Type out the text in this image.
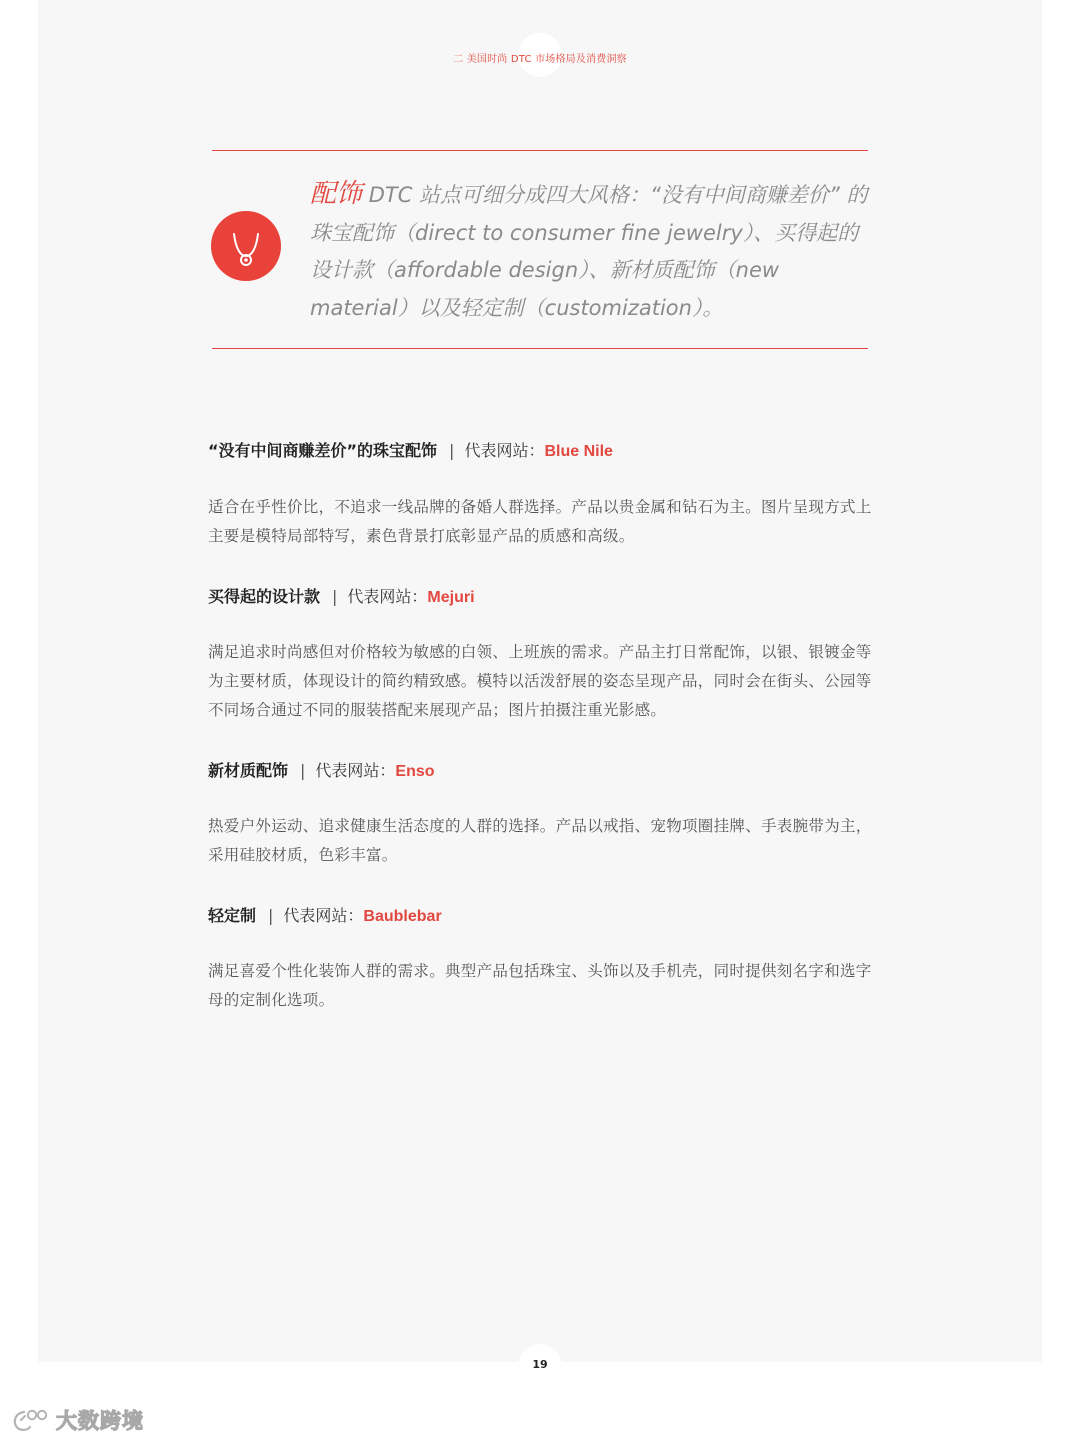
二 美国时尚 DTC 市场格局及消费洞察
配饰 DTC 站点可细分成四大风格：“没有中间商赚差价” 的珠宝配饰（direct to consumer fine jewelry）、买得起的设计款（affordable design）、新材质配饰（new material）以及轻定制（customization）。
“没有中间商赚差价”的珠宝配饰 | 代表网站：Blue Nile
适合在乎性价比，不追求一线品牌的备婚人群选择。产品以贵金属和钻石为主。图片呈现方式上主要是模特局部特写，素色背景打底彰显产品的质感和高级。
买得起的设计款 | 代表网站：Mejuri
满足追求时尚感但对价格较为敏感的白领、上班族的需求。产品主打日常配饰，以银、银镀金等为主要材质，体现设计的简约精致感。模特以活泼舒展的姿态呈现产品，同时会在街头、公园等不同场合通过不同的服装搭配来展现产品；图片拍摄注重光影感。
新材质配饰 | 代表网站：Enso
热爱户外运动、追求健康生活态度的人群的选择。产品以戒指、宠物项圈挂牌、手表腕带为主，采用硅胶材质，色彩丰富。
轻定制 | 代表网站：Baublebar
满足喜爱个性化装饰人群的需求。典型产品包括珠宝、头饰以及手机壳，同时提供刻名字和选字母的定制化选项。
19
大数跨境
